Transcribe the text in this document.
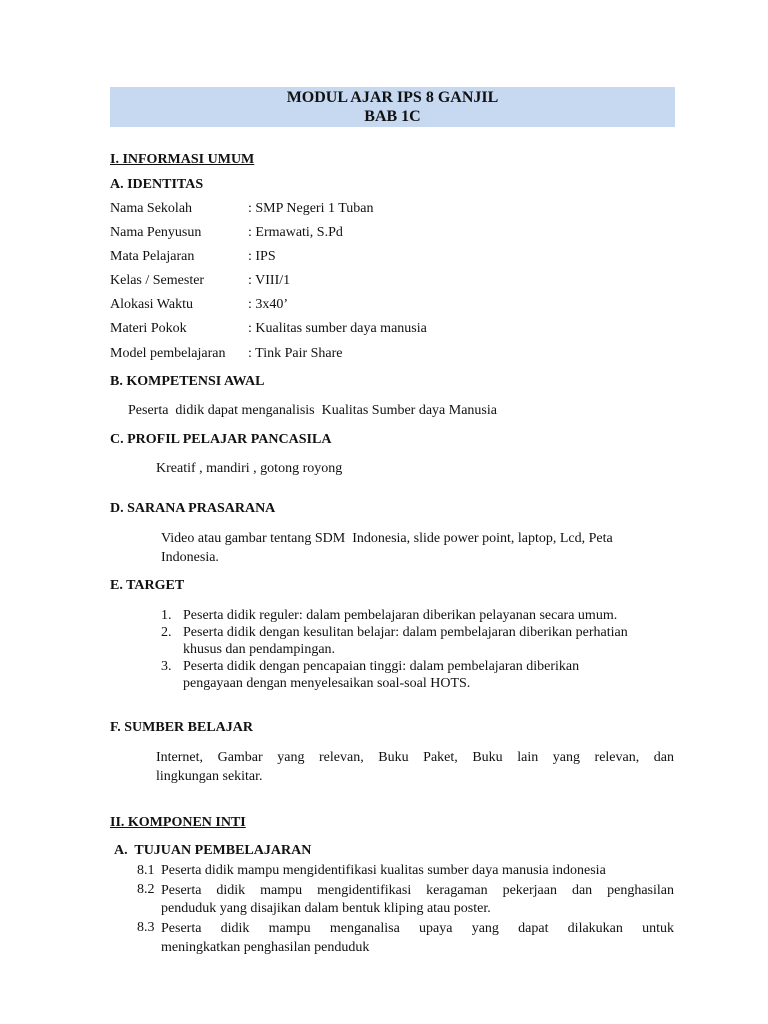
MODUL AJAR IPS 8 GANJIL
BAB 1C
I. INFORMASI UMUM
A. IDENTITAS
Nama Sekolah	: SMP Negeri 1 Tuban
Nama Penyusun	: Ermawati, S.Pd
Mata Pelajaran	: IPS
Kelas / Semester	: VIII/1
Alokasi Waktu	: 3x40’
Materi Pokok	: Kualitas sumber daya manusia
Model pembelajaran : Tink Pair Share
B. KOMPETENSI AWAL
Peserta  didik dapat menganalisis  Kualitas Sumber daya Manusia
C. PROFIL PELAJAR PANCASILA
Kreatif , mandiri , gotong royong
D. SARANA PRASARANA
Video atau gambar tentang SDM  Indonesia, slide power point, laptop, Lcd, Peta
Indonesia.
E. TARGET
1. Peserta didik reguler: dalam pembelajaran diberikan pelayanan secara umum.
2. Peserta didik dengan kesulitan belajar: dalam pembelajaran diberikan perhatian
khusus dan pendampingan.
3. Peserta didik dengan pencapaian tinggi: dalam pembelajaran diberikan
pengayaan dengan menyelesaikan soal-soal HOTS.
F. SUMBER BELAJAR
Internet, Gambar yang relevan, Buku Paket, Buku lain yang relevan, dan
lingkungan sekitar.
II. KOMPONEN INTI
A.  TUJUAN PEMBELAJARAN
8.1 Peserta didik mampu mengidentifikasi kualitas sumber daya manusia indonesia
8.2 Peserta didik mampu mengidentifikasi keragaman pekerjaan dan penghasilan
penduduk yang disajikan dalam bentuk kliping atau poster.
8.3 Peserta didik mampu menganalisa upaya yang dapat dilakukan untuk
meningkatkan penghasilan penduduk
